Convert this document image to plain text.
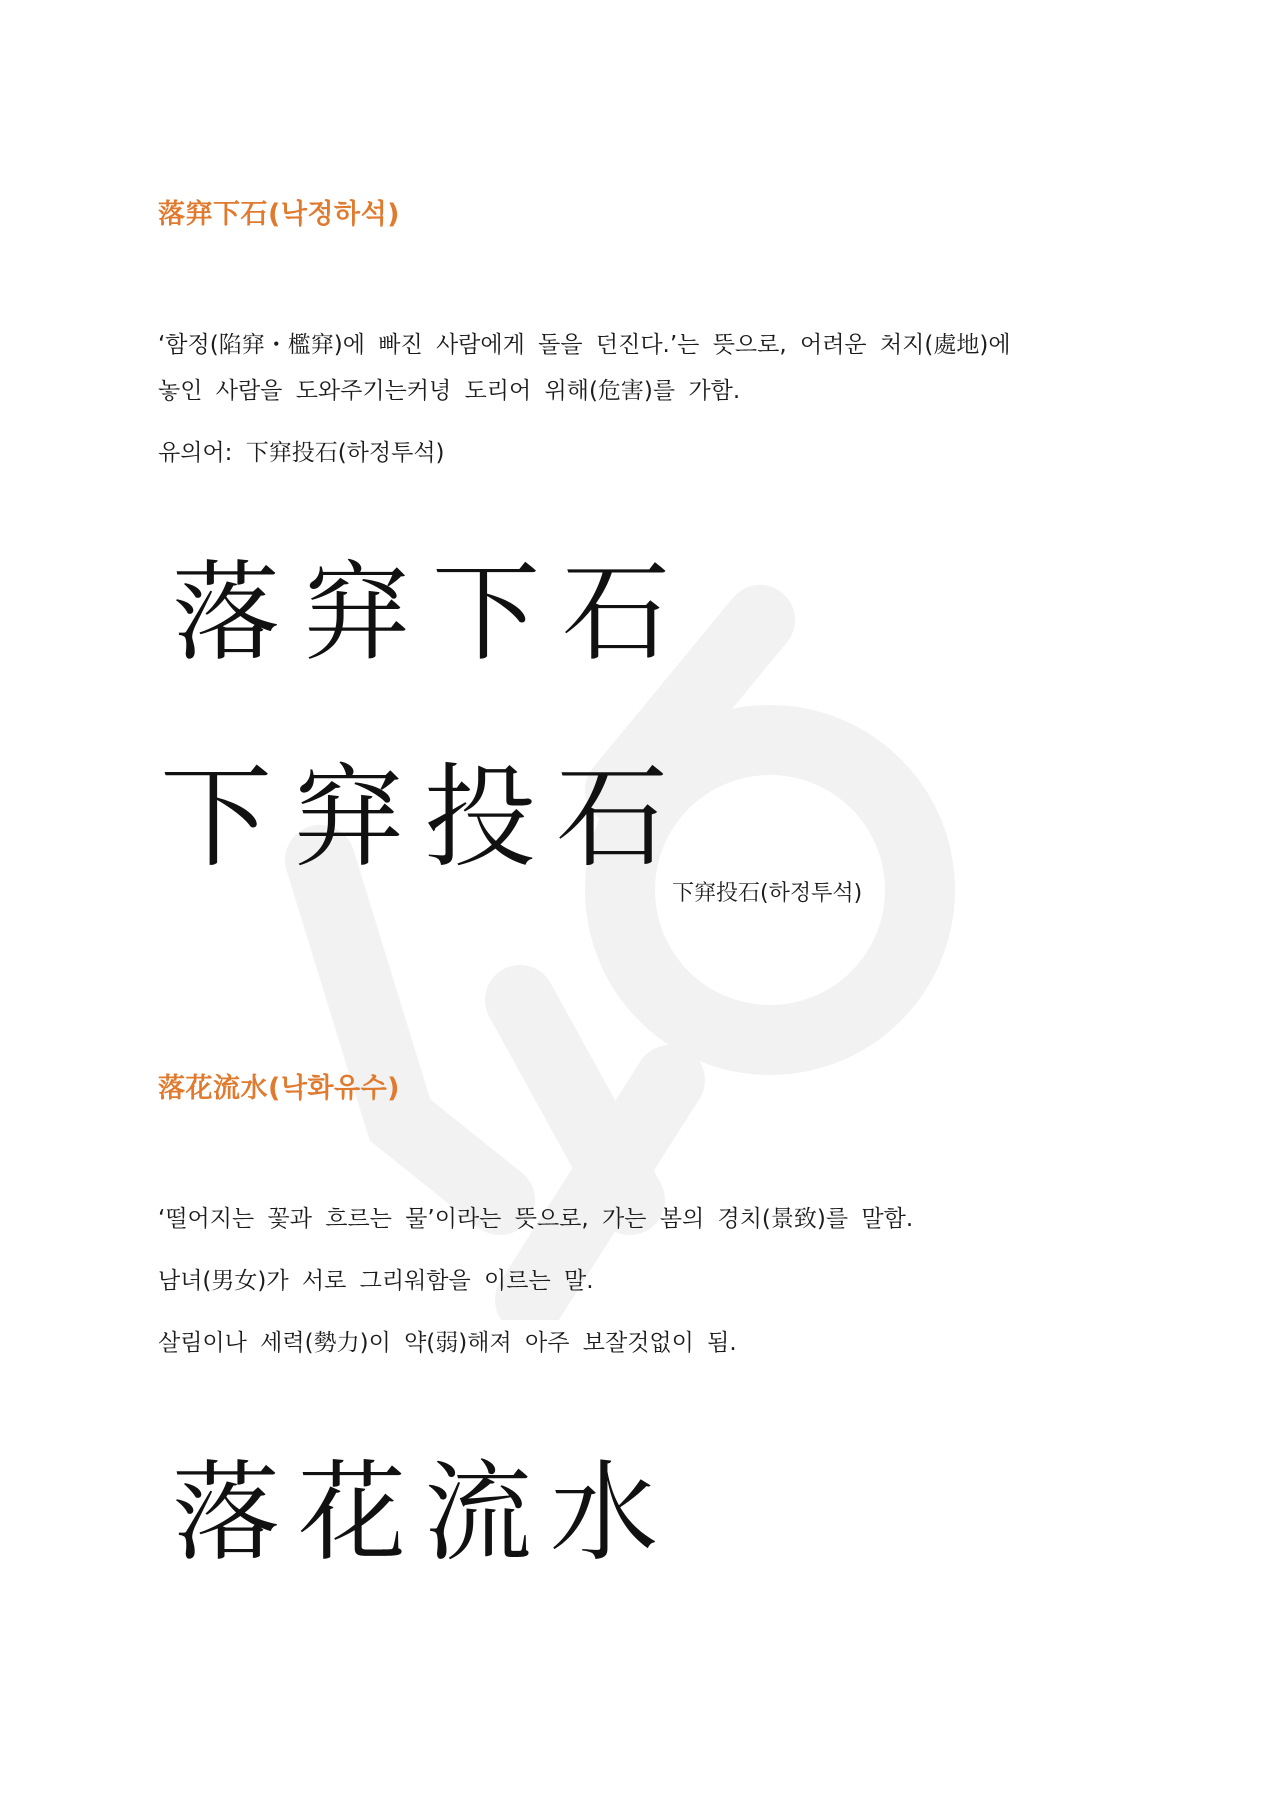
落穽下石(낙정하석)

‘함정(陷穽・檻穽)에 빠진 사람에게 돌을 던진다.’는 뜻으로, 어려운 처지(處地)에

놓인 사람을 도와주기는커녕 도리어 위해(危害)를 가함.

유의어: 下穽投石(하정투석)

落穽下石
下穽投石
下穽投石(하정투석)
落花流水(낙화유수)

‘떨어지는 꽃과 흐르는 물’이라는 뜻으로, 가는 봄의 경치(景致)를 말함.

남녀(男女)가 서로 그리워함을 이르는 말.

살림이나 세력(勢力)이 약(弱)해져 아주 보잘것없이 됨.

落花流水
